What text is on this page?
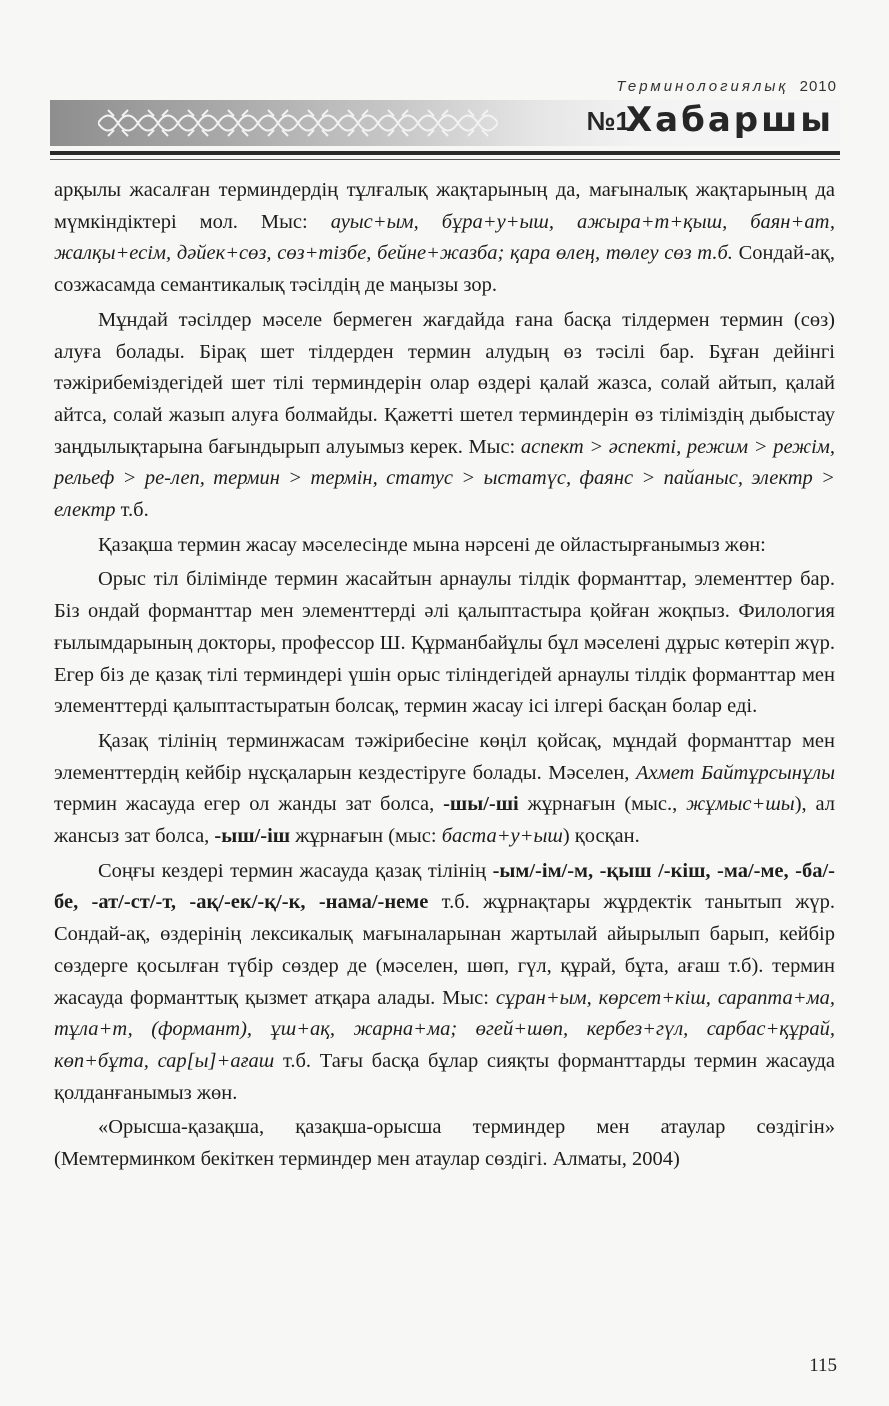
Терминологиялық 2010
№1
Хабаршы

арқылы жасалған терминдердің тұлғалық жақтарының да, мағыналық жақтарының да мүмкіндіктері мол. Мыс: ауыс+ым, бұра+у+ыш, ажыра+т+қыш, баян+ат, жалқы+есім, дәйек+сөз, сөз+тізбе, бейне+жазба; қара өлең, төлеу сөз т.б. Сондай-ақ, созжасамда семантикалық тәсілдің де маңызы зор.

Мұндай тәсілдер мәселе бермеген жағдайда ғана басқа тілдермен термин (сөз) алуға болады. Бірақ шет тілдерден термин алудың өз тәсілі бар. Бұған дейінгі тәжірибеміздегідей шет тілі терминдерін олар өздері қалай жазса, солай айтып, қалай айтса, солай жазып алуға болмайды. Қажетті шетел терминдерін өз тіліміздің дыбыстау заңдылықтарына бағындырып алуымыз керек. Мыс: аспект > әспекті, режим > режім, рельеф > ре-леп, термин > термін, статус > ыстатүс, фаянс > пайаныс, электр > електр т.б.

Қазақша термин жасау мәселесінде мына нәрсені де ойластырғанымыз жөн:

Орыс тіл білімінде термин жасайтын арнаулы тілдік форманттар, элементтер бар. Біз ондай форманттар мен элементтерді әлі қалыптастыра қойған жоқпыз. Филология ғылымдарының докторы, профессор Ш. Құрманбайұлы бұл мәселені дұрыс көтеріп жүр. Егер біз де қазақ тілі терминдері үшін орыс тіліндегідей арнаулы тілдік форманттар мен элементтерді қалыптастыратын болсақ, термин жасау ісі ілгері басқан болар еді.

Қазақ тілінің терминжасам тәжірибесіне көңіл қойсақ, мұндай форманттар мен элементтердің кейбір нұсқаларын кездестіруге болады. Мәселен, Ахмет Байтұрсынұлы термин жасауда егер ол жанды зат болса, -шы/-ші жұрнағын (мыс., жұмыс+шы), ал жансыз зат болса, -ыш/-іш жұрнағын (мыс: баста+у+ыш) қосқан.

Соңғы кездері термин жасауда қазақ тілінің -ым/-ім/-м, -қыш /-кіш, -ма/-ме, -ба/-бе, -ат/-ст/-т, -ақ/-ек/-қ/-к, -нама/-неме т.б. жұрнақтары жұрдектік танытып жүр. Сондай-ақ, өздерінің лексикалық мағыналарынан жартылай айырылып барып, кейбір сөздерге қосылған түбір сөздер де (мәселен, шөп, гүл, құрай, бұта, ағаш т.б). термин жасауда форманттық қызмет атқара алады. Мыс: сұран+ым, көрсет+кіш, сарапта+ма, тұла+т, (формант), ұш+ақ, жарна+ма; өгей+шөп, кербез+гүл, сарбас+құрай, көп+бұта, сар[ы]+ағаш т.б. Тағы басқа бұлар сияқты форманттарды термин жасауда қолданғанымыз жөн.

«Орысша-қазақша, қазақша-орысша терминдер мен атаулар сөздігін» (Мемтерминком бекіткен терминдер мен атаулар сөздігі. Алматы, 2004)

115
